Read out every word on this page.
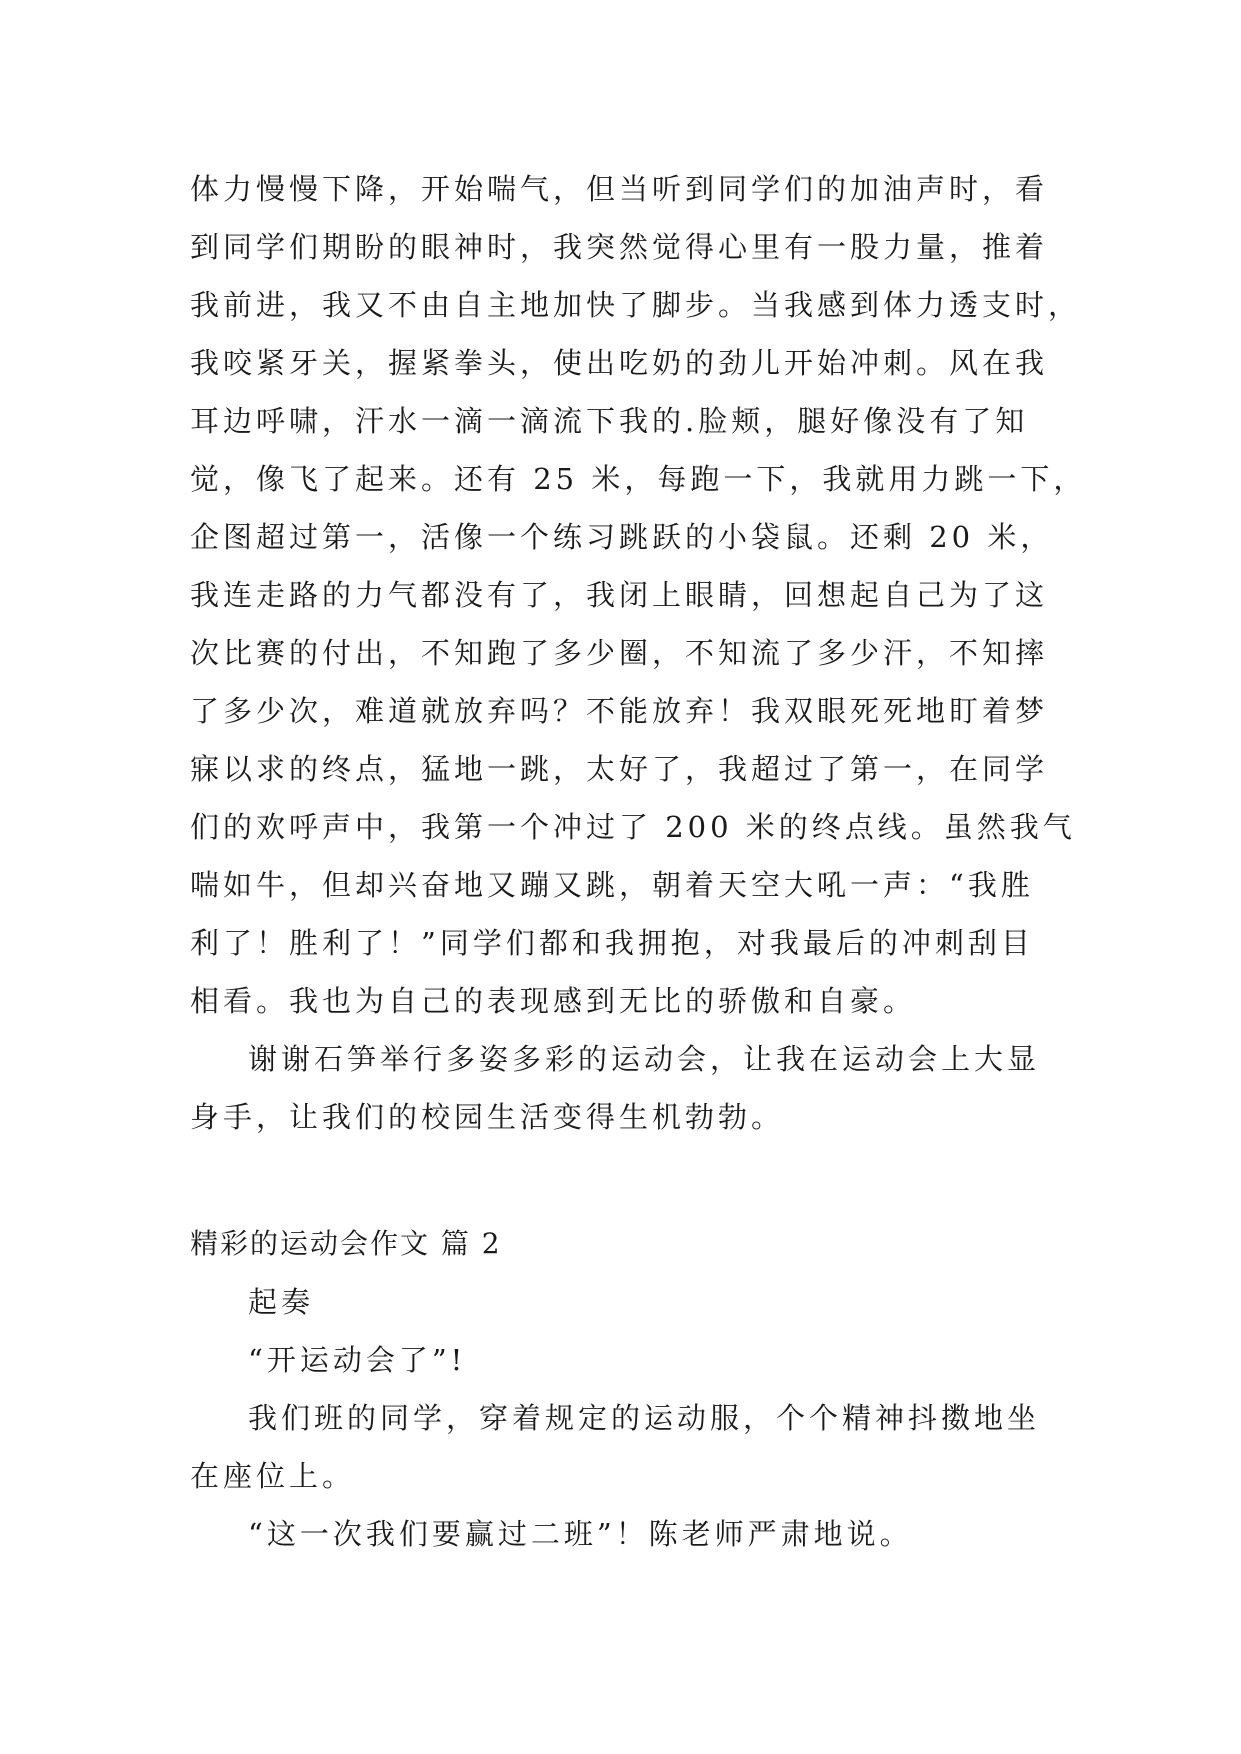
体力慢慢下降，开始喘气，但当听到同学们的加油声时，看
到同学们期盼的眼神时，我突然觉得心里有一股力量，推着
我前进，我又不由自主地加快了脚步。当我感到体力透支时，
我咬紧牙关，握紧拳头，使出吃奶的劲儿开始冲刺。风在我
耳边呼啸，汗水一滴一滴流下我的.脸颊，腿好像没有了知
觉，像飞了起来。还有 25 米，每跑一下，我就用力跳一下，
企图超过第一，活像一个练习跳跃的小袋鼠。还剩 20 米，
我连走路的力气都没有了，我闭上眼睛，回想起自己为了这
次比赛的付出，不知跑了多少圈，不知流了多少汗，不知摔
了多少次，难道就放弃吗？不能放弃！我双眼死死地盯着梦
寐以求的终点，猛地一跳，太好了，我超过了第一，在同学
们的欢呼声中，我第一个冲过了 200 米的终点线。虽然我气
喘如牛，但却兴奋地又蹦又跳，朝着天空大吼一声：“我胜
利了！胜利了！”同学们都和我拥抱，对我最后的冲刺刮目
相看。我也为自己的表现感到无比的骄傲和自豪。
谢谢石笋举行多姿多彩的运动会，让我在运动会上大显
身手，让我们的校园生活变得生机勃勃。
精彩的运动会作文 篇 2
起奏
“开运动会了”!
我们班的同学，穿着规定的运动服，个个精神抖擞地坐
在座位上。
“这一次我们要赢过二班”！陈老师严肃地说。
